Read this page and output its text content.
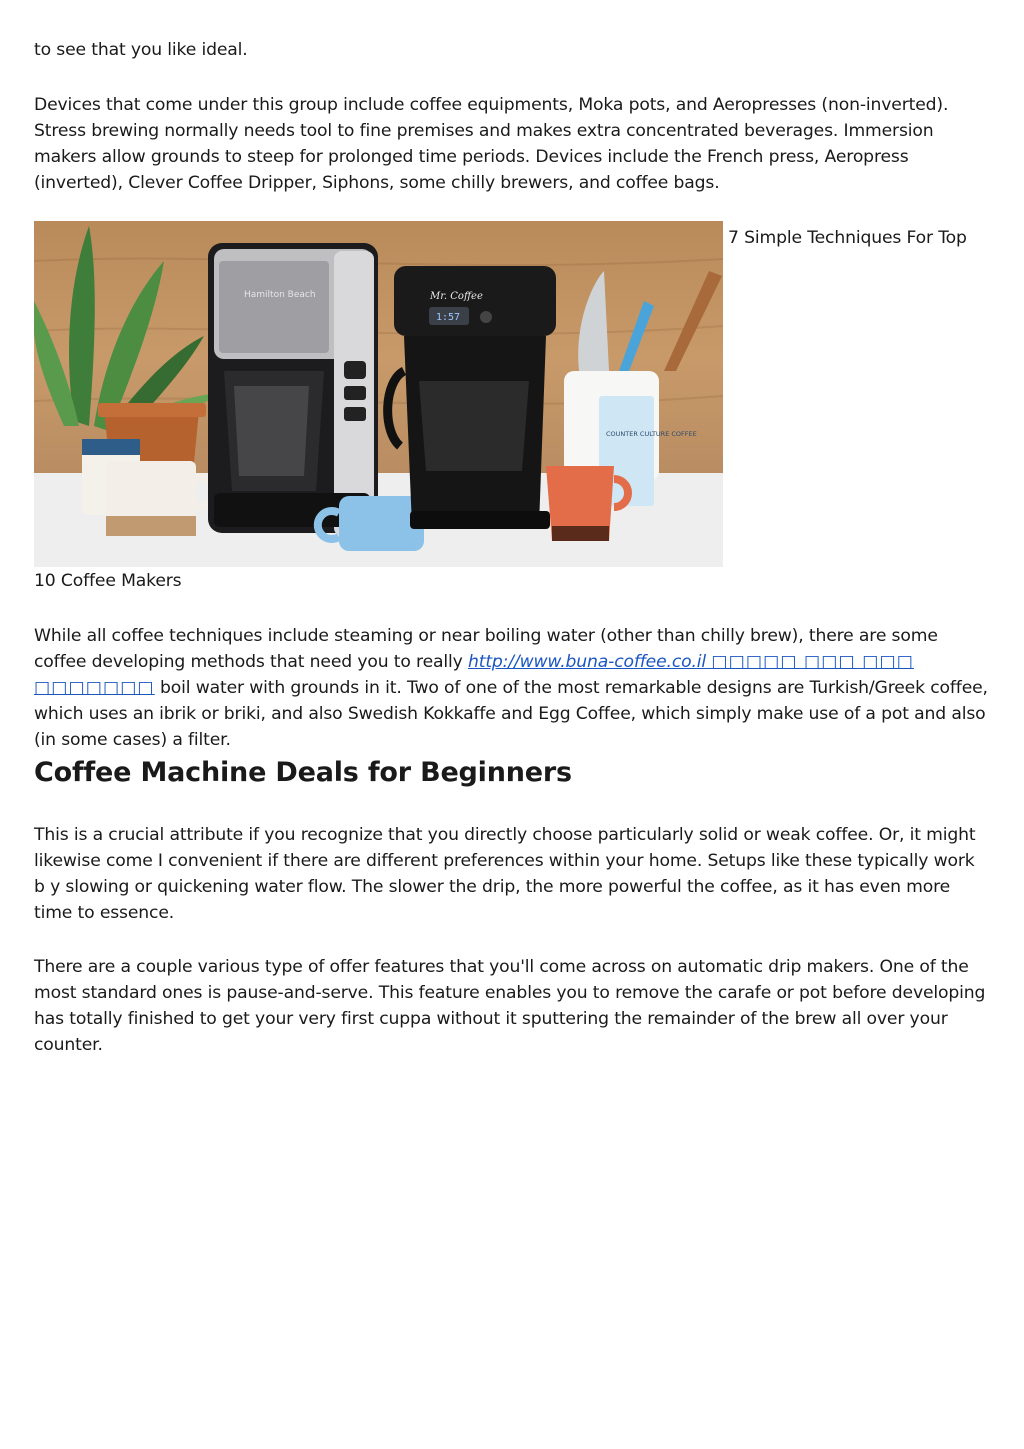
to see that you like ideal.

Devices that come under this group include coffee equipments, Moka pots, and Aeropresses (non-inverted). Stress brewing normally needs tool to fine premises and makes extra concentrated beverages. Immersion makers allow grounds to steep for prolonged time periods. Devices include the French press, Aeropress (inverted), Clever Coffee Dripper, Siphons, some chilly brewers, and coffee bags.

Hamilton Beach	Mr. Coffee
1:57
COUNTER CULTURE COFFEE

7 Simple Techniques For Top

10 Coffee Makers

While all coffee techniques include steaming or near boiling water (other than chilly brew), there are some coffee developing methods that need you to really http://www.buna-coffee.co.il □□□□□ □□□ □□□ □□□□□□□ boil water with grounds in it. Two of one of the most remarkable designs are Turkish/Greek coffee, which uses an ibrik or briki, and also Swedish Kokkaffe and Egg Coffee, which simply make use of a pot and also (in some cases) a filter.

Coffee Machine Deals for Beginners

This is a crucial attribute if you recognize that you directly choose particularly solid or weak coffee. Or, it might likewise come I convenient if there are different preferences within your home. Setups like these typically work b y slowing or quickening water flow. The slower the drip, the more powerful the coffee, as it has even more time to essence.

There are a couple various type of offer features that you'll come across on automatic drip makers. One of the most standard ones is pause-and-serve. This feature enables you to remove the carafe or pot before developing has totally finished to get your very first cuppa without it sputtering the remainder of the brew all over your counter.
